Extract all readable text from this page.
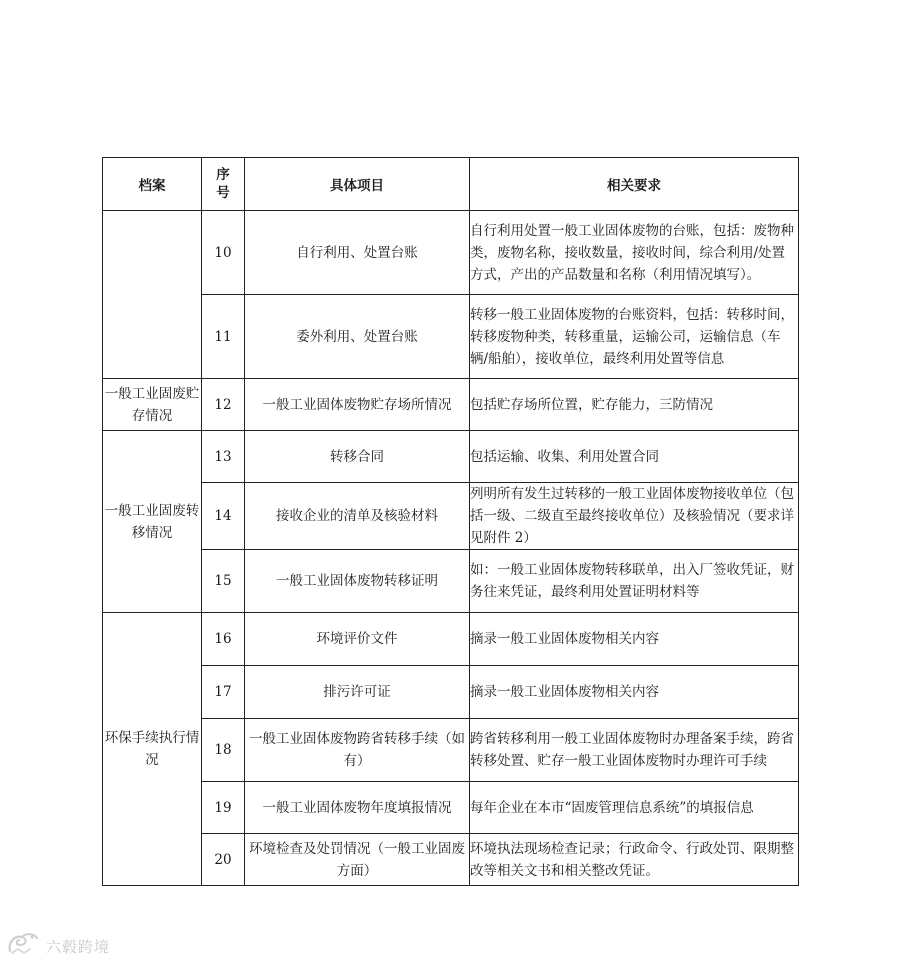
档案	序号	具体项目	相关要求
	10	自行利用、处置台账	自行利用处置一般工业固体废物的台账，包括：废物种类，废物名称，接收数量，接收时间，综合利用/处置方式，产出的产品数量和名称（利用情况填写）。
	11	委外利用、处置台账	转移一般工业固体废物的台账资料，包括：转移时间，转移废物种类，转移重量，运输公司，运输信息（车辆/船舶），接收单位，最终利用处置等信息
一般工业固废贮存情况	12	一般工业固体废物贮存场所情况	包括贮存场所位置，贮存能力，三防情况
一般工业固废转移情况	13	转移合同	包括运输、收集、利用处置合同
	14	接收企业的清单及核验材料	列明所有发生过转移的一般工业固体废物接收单位（包括一级、二级直至最终接收单位）及核验情况（要求详见附件 2）
	15	一般工业固体废物转移证明	如：一般工业固体废物转移联单，出入厂签收凭证，财务往来凭证，最终利用处置证明材料等
环保手续执行情况	16	环境评价文件	摘录一般工业固体废物相关内容
	17	排污许可证	摘录一般工业固体废物相关内容
	18	一般工业固体废物跨省转移手续（如有）	跨省转移利用一般工业固体废物时办理备案手续，跨省转移处置、贮存一般工业固体废物时办理许可手续
	19	一般工业固体废物年度填报情况	每年企业在本市“固废管理信息系统”的填报信息
	20	环境检查及处罚情况（一般工业固废方面）	环境执法现场检查记录；行政命令、行政处罚、限期整改等相关文书和相关整改凭证。
六毂跨境
